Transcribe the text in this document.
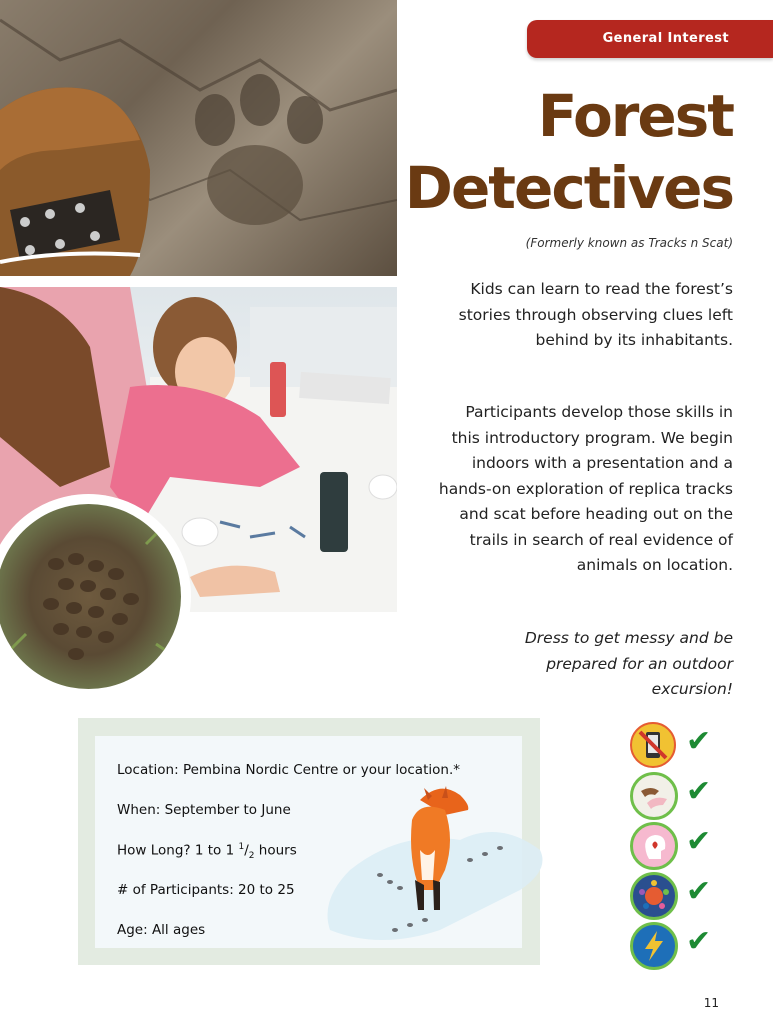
General Interest
Forest
Detectives
(Formerly known as Tracks n Scat)
Kids can learn to read the forest’s stories through observing clues left behind by its inhabitants.
Participants develop those skills in this introductory program. We begin indoors with a presentation and a hands-on exploration of replica tracks and scat before heading out on the trails in search of real evidence of animals on location.
Dress to get messy and be prepared for an outdoor excursion!
Location: Pembina Nordic Centre or your location.*
When: September to June
How Long? 1 to 1 $^1/_2$ hours
# of Participants: 20 to 25
Age: All ages
✔
✔
✔
✔
✔
11
